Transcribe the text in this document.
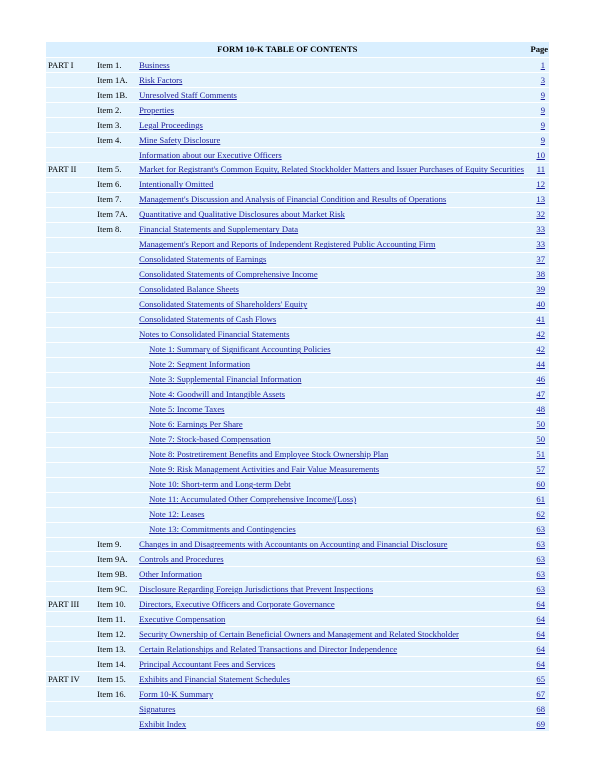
FORM 10-K TABLE OF CONTENTS			Page
PART I	Item 1.	Business	1
	Item 1A.	Risk Factors	3
	Item 1B.	Unresolved Staff Comments	9
	Item 2.	Properties	9
	Item 3.	Legal Proceedings	9
	Item 4.	Mine Safety Disclosure	9
		Information about our Executive Officers	10
PART II	Item 5.	Market for Registrant's Common Equity, Related Stockholder Matters and Issuer Purchases of Equity Securities	11
	Item 6.	Intentionally Omitted	12
	Item 7.	Management's Discussion and Analysis of Financial Condition and Results of Operations	13
	Item 7A.	Quantitative and Qualitative Disclosures about Market Risk	32
	Item 8.	Financial Statements and Supplementary Data	33
		Management's Report and Reports of Independent Registered Public Accounting Firm	33
		Consolidated Statements of Earnings	37
		Consolidated Statements of Comprehensive Income	38
		Consolidated Balance Sheets	39
		Consolidated Statements of Shareholders' Equity	40
		Consolidated Statements of Cash Flows	41
		Notes to Consolidated Financial Statements	42
		Note 1: Summary of Significant Accounting Policies	42
		Note 2: Segment Information	44
		Note 3: Supplemental Financial Information	46
		Note 4: Goodwill and Intangible Assets	47
		Note 5: Income Taxes	48
		Note 6: Earnings Per Share	50
		Note 7: Stock-based Compensation	50
		Note 8: Postretirement Benefits and Employee Stock Ownership Plan	51
		Note 9: Risk Management Activities and Fair Value Measurements	57
		Note 10: Short-term and Long-term Debt	60
		Note 11: Accumulated Other Comprehensive Income/(Loss)	61
		Note 12: Leases	62
		Note 13: Commitments and Contingencies	63
	Item 9.	Changes in and Disagreements with Accountants on Accounting and Financial Disclosure	63
	Item 9A.	Controls and Procedures	63
	Item 9B.	Other Information	63
	Item 9C.	Disclosure Regarding Foreign Jurisdictions that Prevent Inspections	63
PART III	Item 10.	Directors, Executive Officers and Corporate Governance	64
	Item 11.	Executive Compensation	64
	Item 12.	Security Ownership of Certain Beneficial Owners and Management and Related Stockholder	64
	Item 13.	Certain Relationships and Related Transactions and Director Independence	64
	Item 14.	Principal Accountant Fees and Services	64
PART IV	Item 15.	Exhibits and Financial Statement Schedules	65
	Item 16.	Form 10-K Summary	67
		Signatures	68
		Exhibit Index	69
